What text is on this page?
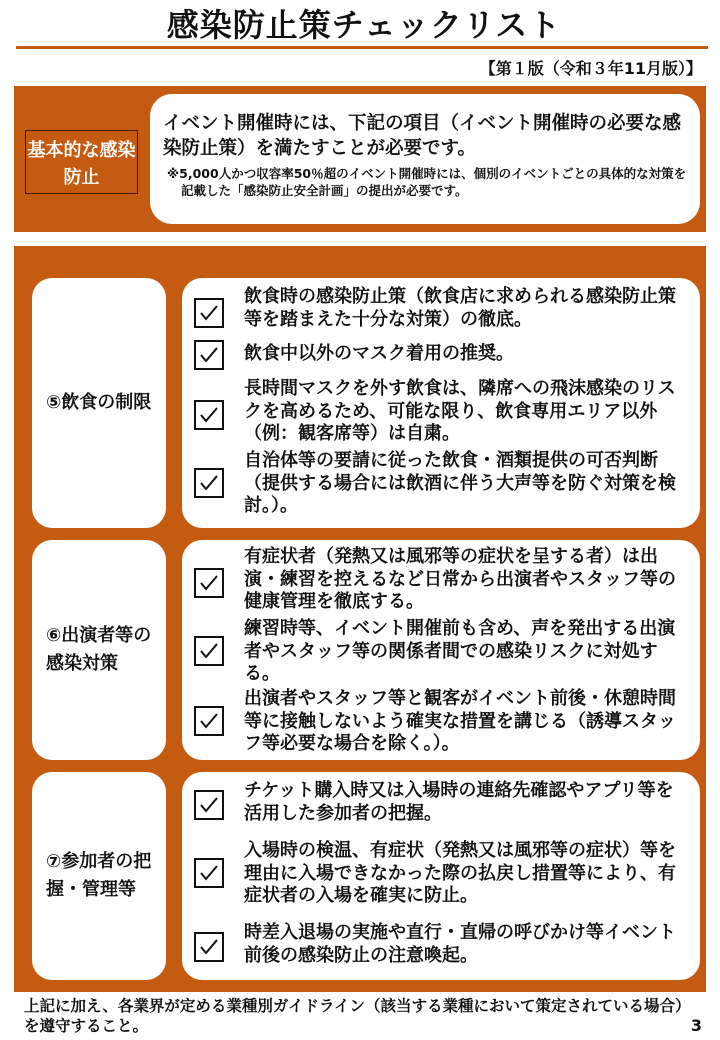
感染防止策チェックリスト
【第１版（令和３年11月版）】
基本的な感染防止
イベント開催時には、下記の項目（イベント開催時の必要な感染防止策）を満たすことが必要です。
※5,000人かつ収容率50％超のイベント開催時には、個別のイベントごとの具体的な対策を記載した「感染防止安全計画」の提出が必要です。
⑤飲食の制限
飲食時の感染防止策（飲食店に求められる感染防止策等を踏まえた十分な対策）の徹底。
飲食中以外のマスク着用の推奨。
長時間マスクを外す飲食は、隣席への飛沫感染のリスクを高めるため、可能な限り、飲食専用エリア以外（例：観客席等）は自粛。
自治体等の要請に従った飲食・酒類提供の可否判断（提供する場合には飲酒に伴う大声等を防ぐ対策を検討。）。
⑥出演者等の感染対策
有症状者（発熱又は風邪等の症状を呈する者）は出演・練習を控えるなど日常から出演者やスタッフ等の健康管理を徹底する。
練習時等、イベント開催前も含め、声を発出する出演者やスタッフ等の関係者間での感染リスクに対処する。
出演者やスタッフ等と観客がイベント前後・休憩時間等に接触しないよう確実な措置を講じる（誘導スタッフ等必要な場合を除く。）。
⑦参加者の把握・管理等
チケット購入時又は入場時の連絡先確認やアプリ等を活用した参加者の把握。
入場時の検温、有症状（発熱又は風邪等の症状）等を理由に入場できなかった際の払戻し措置等により、有症状者の入場を確実に防止。
時差入退場の実施や直行・直帰の呼びかけ等イベント前後の感染防止の注意喚起。
上記に加え、各業界が定める業種別ガイドライン（該当する業種において策定されている場合）を遵守すること。	3
